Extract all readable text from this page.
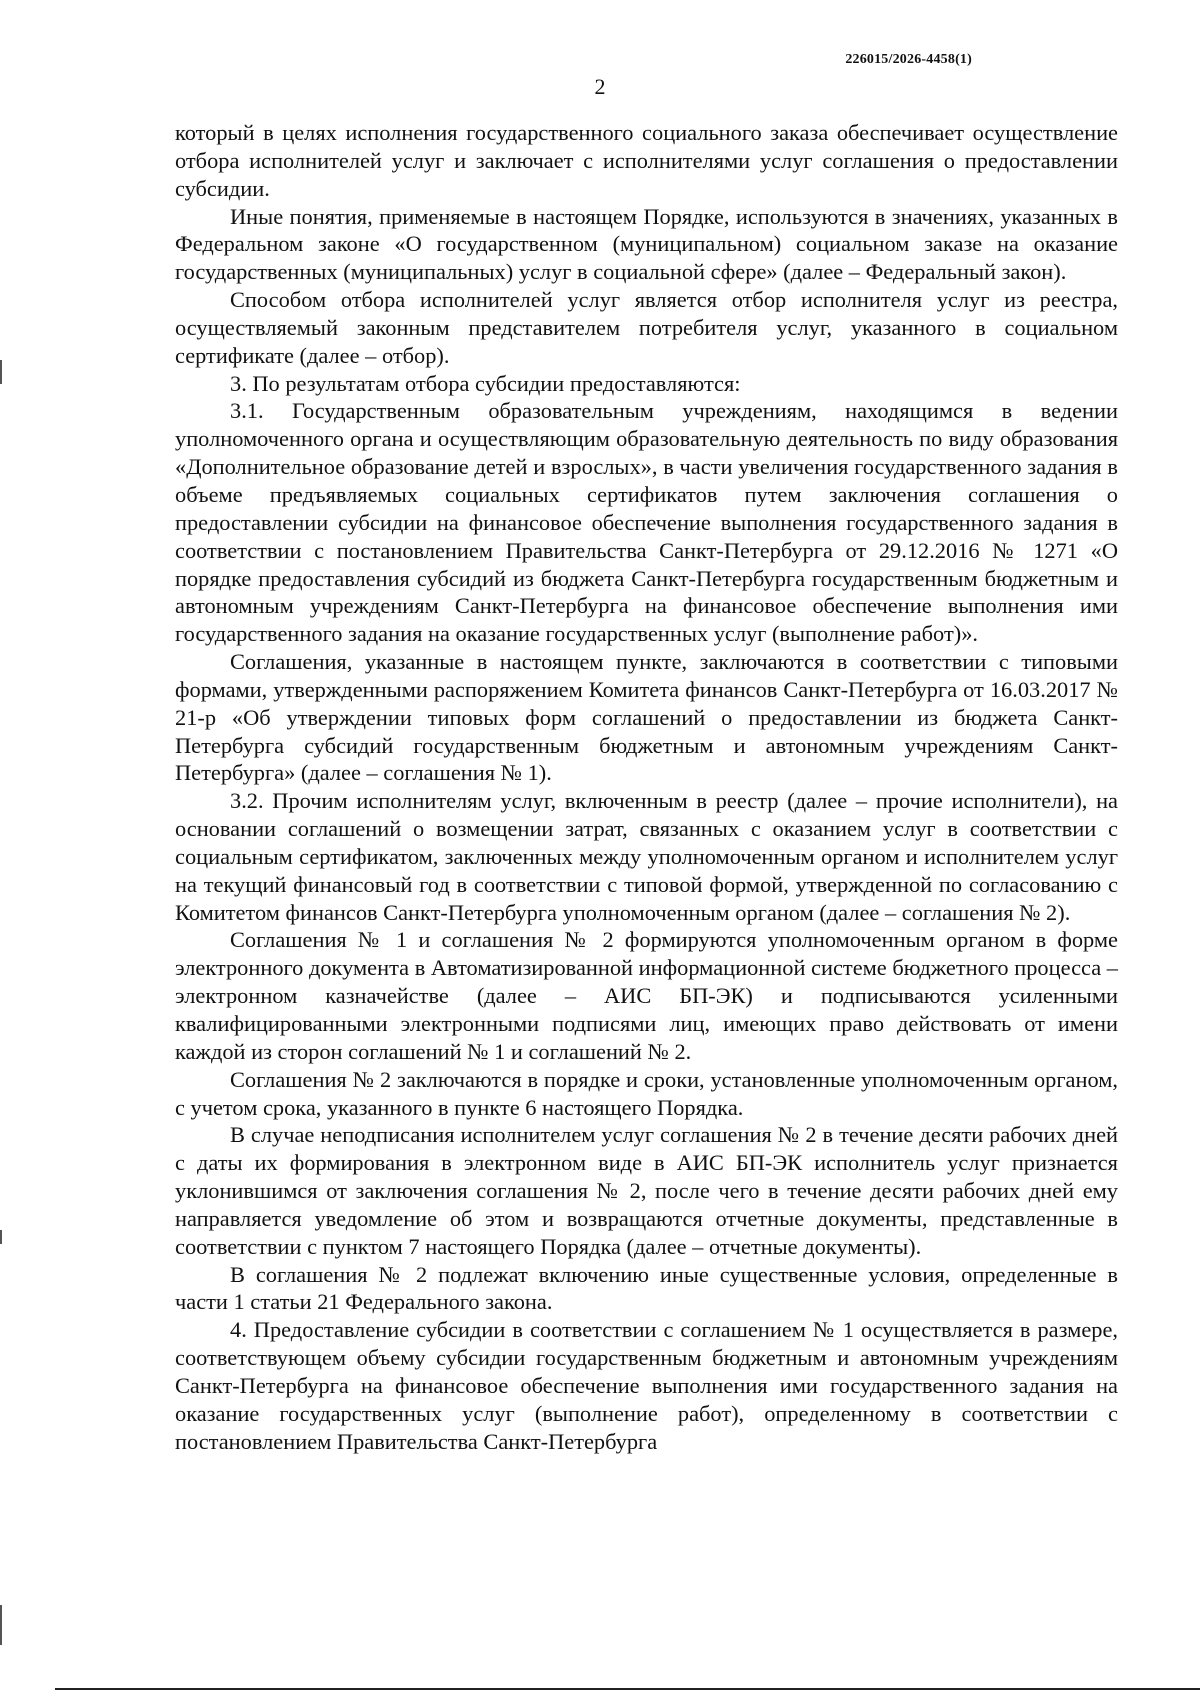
226015/2026-4458(1)
2

который в целях исполнения государственного социального заказа обеспечивает осуществление отбора исполнителей услуг и заключает с исполнителями услуг соглашения о предоставлении субсидии.

Иные понятия, применяемые в настоящем Порядке, используются в значениях, указанных в Федеральном законе «О государственном (муниципальном) социальном заказе на оказание государственных (муниципальных) услуг в социальной сфере» (далее – Федеральный закон).

Способом отбора исполнителей услуг является отбор исполнителя услуг из реестра, осуществляемый законным представителем потребителя услуг, указанного в социальном сертификате (далее – отбор).

3. По результатам отбора субсидии предоставляются:

3.1. Государственным образовательным учреждениям, находящимся в ведении уполномоченного органа и осуществляющим образовательную деятельность по виду образования «Дополнительное образование детей и взрослых», в части увеличения государственного задания в объеме предъявляемых социальных сертификатов путем заключения соглашения о предоставлении субсидии на финансовое обеспечение выполнения государственного задания в соответствии с постановлением Правительства Санкт-Петербурга от 29.12.2016 № 1271 «О порядке предоставления субсидий из бюджета Санкт-Петербурга государственным бюджетным и автономным учреждениям Санкт-Петербурга на финансовое обеспечение выполнения ими государственного задания на оказание государственных услуг (выполнение работ)».

Соглашения, указанные в настоящем пункте, заключаются в соответствии с типовыми формами, утвержденными распоряжением Комитета финансов Санкт-Петербурга от 16.03.2017 № 21-р «Об утверждении типовых форм соглашений о предоставлении из бюджета Санкт-Петербурга субсидий государственным бюджетным и автономным учреждениям Санкт-Петербурга» (далее – соглашения № 1).

3.2. Прочим исполнителям услуг, включенным в реестр (далее – прочие исполнители), на основании соглашений о возмещении затрат, связанных с оказанием услуг в соответствии с социальным сертификатом, заключенных между уполномоченным органом и исполнителем услуг на текущий финансовый год в соответствии с типовой формой, утвержденной по согласованию с Комитетом финансов Санкт-Петербурга уполномоченным органом (далее – соглашения № 2).

Соглашения № 1 и соглашения № 2 формируются уполномоченным органом в форме электронного документа в Автоматизированной информационной системе бюджетного процесса – электронном казначействе (далее – АИС БП-ЭК) и подписываются усиленными квалифицированными электронными подписями лиц, имеющих право действовать от имени каждой из сторон соглашений № 1 и соглашений № 2.

Соглашения № 2 заключаются в порядке и сроки, установленные уполномоченным органом, с учетом срока, указанного в пункте 6 настоящего Порядка.

В случае неподписания исполнителем услуг соглашения № 2 в течение десяти рабочих дней с даты их формирования в электронном виде в АИС БП-ЭК исполнитель услуг признается уклонившимся от заключения соглашения № 2, после чего в течение десяти рабочих дней ему направляется уведомление об этом и возвращаются отчетные документы, представленные в соответствии с пунктом 7 настоящего Порядка (далее – отчетные документы).

В соглашения № 2 подлежат включению иные существенные условия, определенные в части 1 статьи 21 Федерального закона.

4. Предоставление субсидии в соответствии с соглашением № 1 осуществляется в размере, соответствующем объему субсидии государственным бюджетным и автономным учреждениям Санкт-Петербурга на финансовое обеспечение выполнения ими государственного задания на оказание государственных услуг (выполнение работ), определенному в соответствии с постановлением Правительства Санкт-Петербурга
